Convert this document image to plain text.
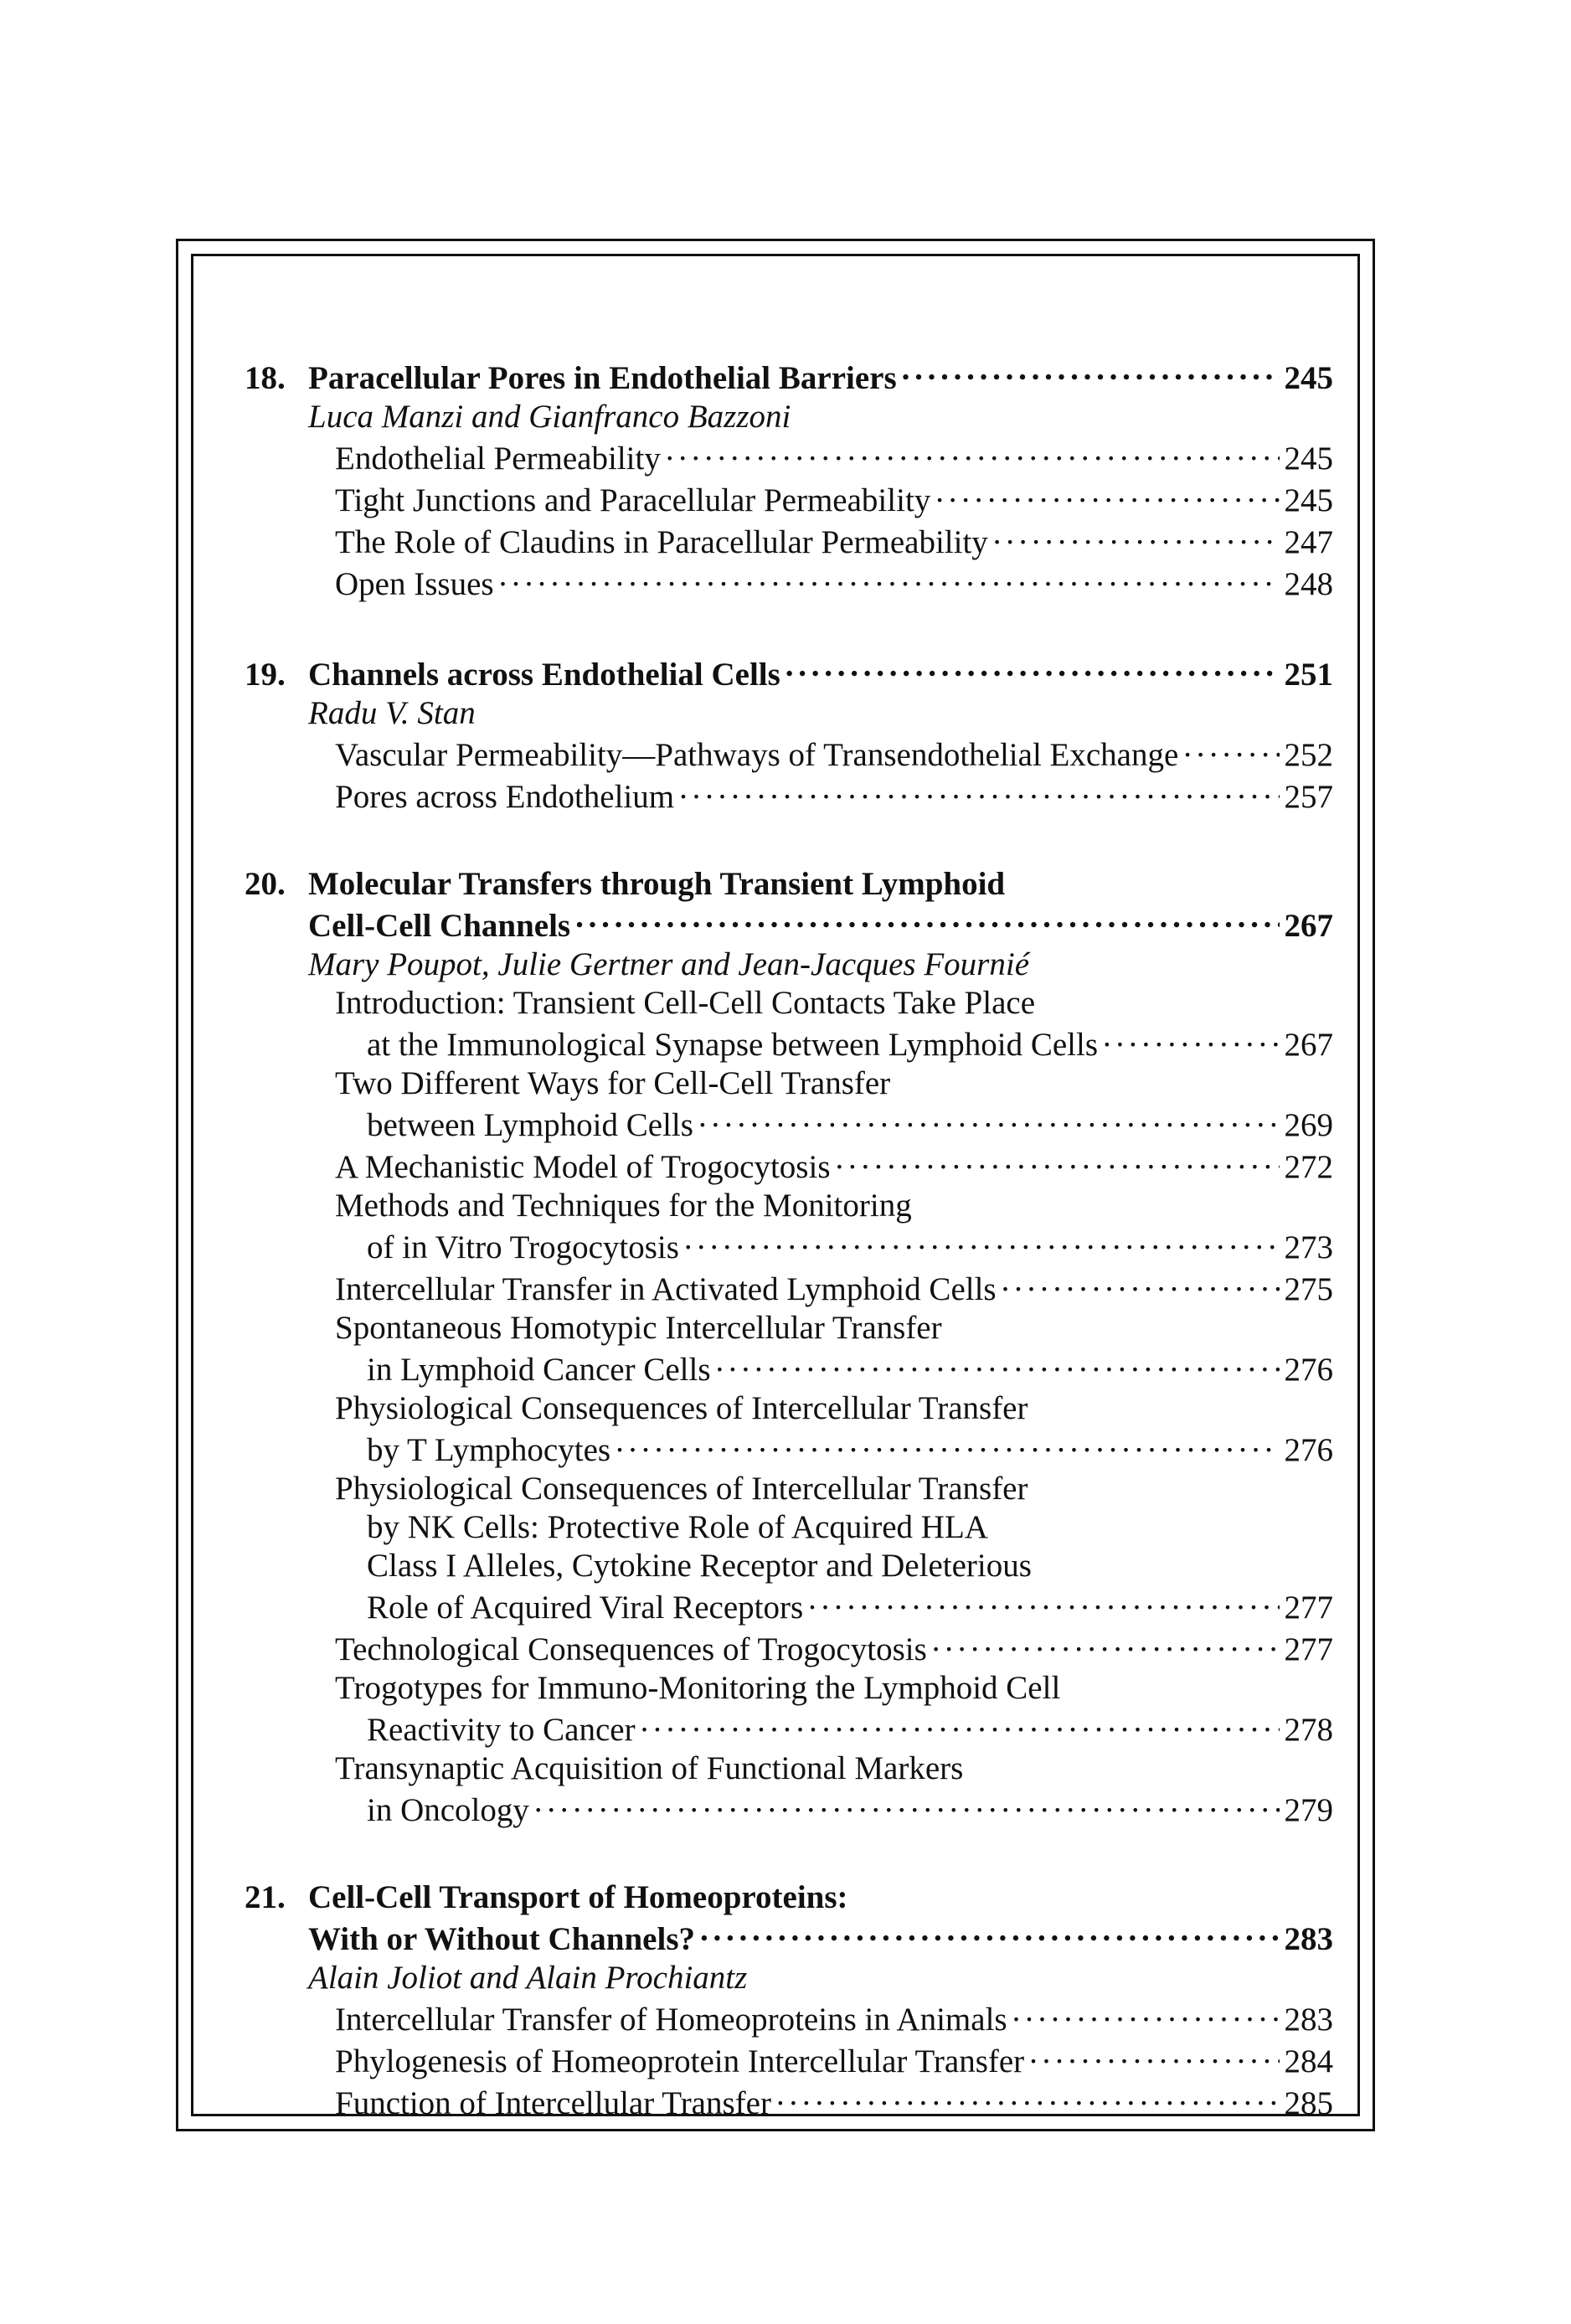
18. Paracellular Pores in Endothelial Barriers . . .	245
Luca Manzi and Gianfranco Bazzoni
Endothelial Permeability . . .	245
Tight Junctions and Paracellular Permeability . . .	245
The Role of Claudins in Paracellular Permeability . . .	247
Open Issues . . .	248
19. Channels across Endothelial Cells . . .	251
Radu V. Stan
Vascular Permeability—Pathways of Transendothelial Exchange . . .	252
Pores across Endothelium . . .	257
20. Molecular Transfers through Transient Lymphoid
Cell-Cell Channels . . .	267
Mary Poupot, Julie Gertner and Jean-Jacques Fournié
Introduction: Transient Cell-Cell Contacts Take Place
at the Immunological Synapse between Lymphoid Cells . . .	267
Two Different Ways for Cell-Cell Transfer
between Lymphoid Cells . . .	269
A Mechanistic Model of Trogocytosis . . .	272
Methods and Techniques for the Monitoring
of in Vitro Trogocytosis . . .	273
Intercellular Transfer in Activated Lymphoid Cells . . .	275
Spontaneous Homotypic Intercellular Transfer
in Lymphoid Cancer Cells . . .	276
Physiological Consequences of Intercellular Transfer
by T Lymphocytes . . .	276
Physiological Consequences of Intercellular Transfer
by NK Cells: Protective Role of Acquired HLA
Class I Alleles, Cytokine Receptor and Deleterious
Role of Acquired Viral Receptors . . .	277
Technological Consequences of Trogocytosis . . .	277
Trogotypes for Immuno-Monitoring the Lymphoid Cell
Reactivity to Cancer . . .	278
Transynaptic Acquisition of Functional Markers
in Oncology . . .	279
21. Cell-Cell Transport of Homeoproteins:
With or Without Channels? . . .	283
Alain Joliot and Alain Prochiantz
Intercellular Transfer of Homeoproteins in Animals . . .	283
Phylogenesis of Homeoprotein Intercellular Transfer . . .	284
Function of Intercellular Transfer . . .	285
